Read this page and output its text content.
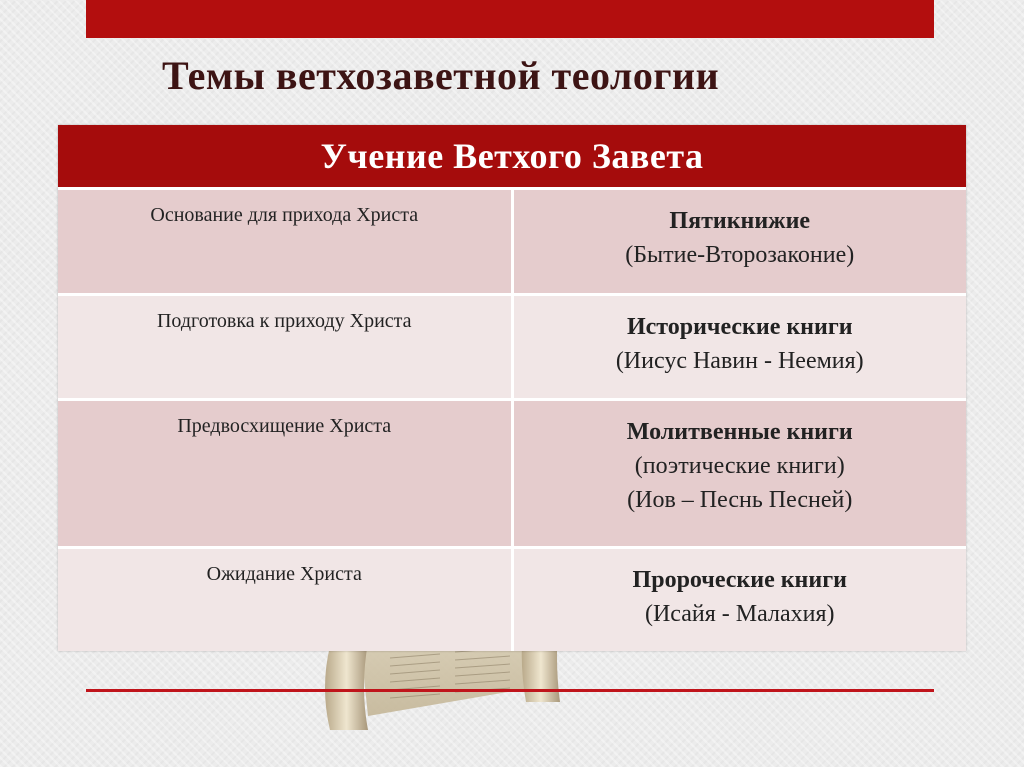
Темы ветхозаветной теологии
Учение Ветхого Завета	
Основание для прихода Христа	Пятикнижие
(Бытие-Второзаконие)

Подготовка к приходу Христа	Исторические книги
(Иисус Навин - Неемия)

Предвосхищение Христа	Молитвенные книги
(поэтические книги)
(Иов – Песнь Песней)

Ожидание Христа	Пророческие книги
(Исайя - Малахия)
